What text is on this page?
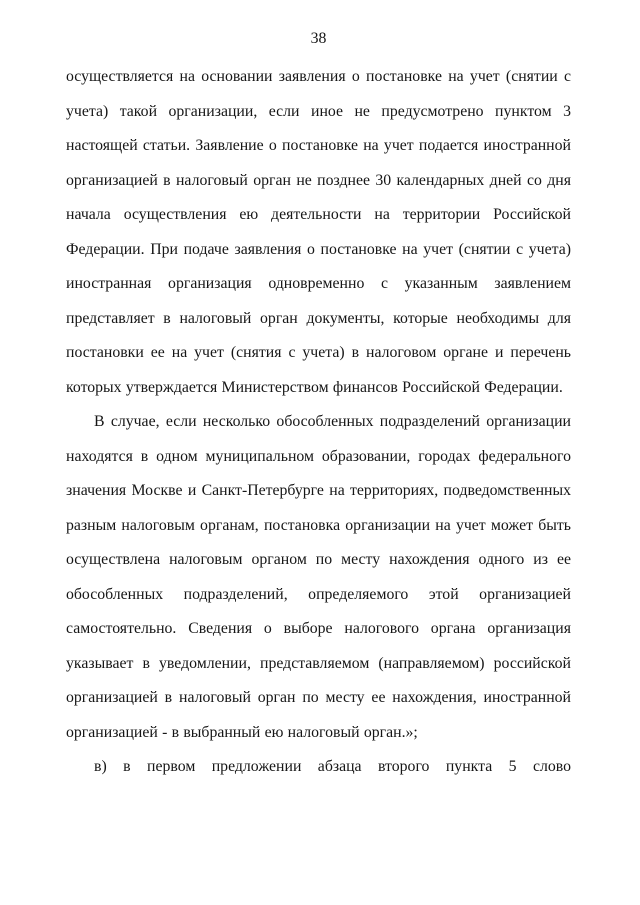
38
осуществляется на основании заявления о постановке на учет (снятии с
учета) такой организации, если иное не предусмотрено пунктом 3
настоящей статьи. Заявление о постановке на учет подается иностранной
организацией в налоговый орган не позднее 30 календарных дней со дня
начала осуществления ею деятельности на территории Российской
Федерации. При подаче заявления о постановке на учет (снятии с учета)
иностранная организация одновременно с указанным заявлением
представляет в налоговый орган документы, которые необходимы для
постановки ее на учет (снятия с учета) в налоговом органе и перечень
которых утверждается Министерством финансов Российской Федерации.
В случае, если несколько обособленных подразделений организации
находятся в одном муниципальном образовании, городах федерального
значения Москве и Санкт-Петербурге на территориях, подведомственных
разным налоговым органам, постановка организации на учет может быть
осуществлена налоговым органом по месту нахождения одного из ее
обособленных подразделений, определяемого этой организацией
самостоятельно. Сведения о выборе налогового органа организация
указывает в уведомлении, представляемом (направляемом) российской
организацией в налоговый орган по месту ее нахождения, иностранной
организацией - в выбранный ею налоговый орган.»;
в) в первом предложении абзаца второго пункта 5 слово
